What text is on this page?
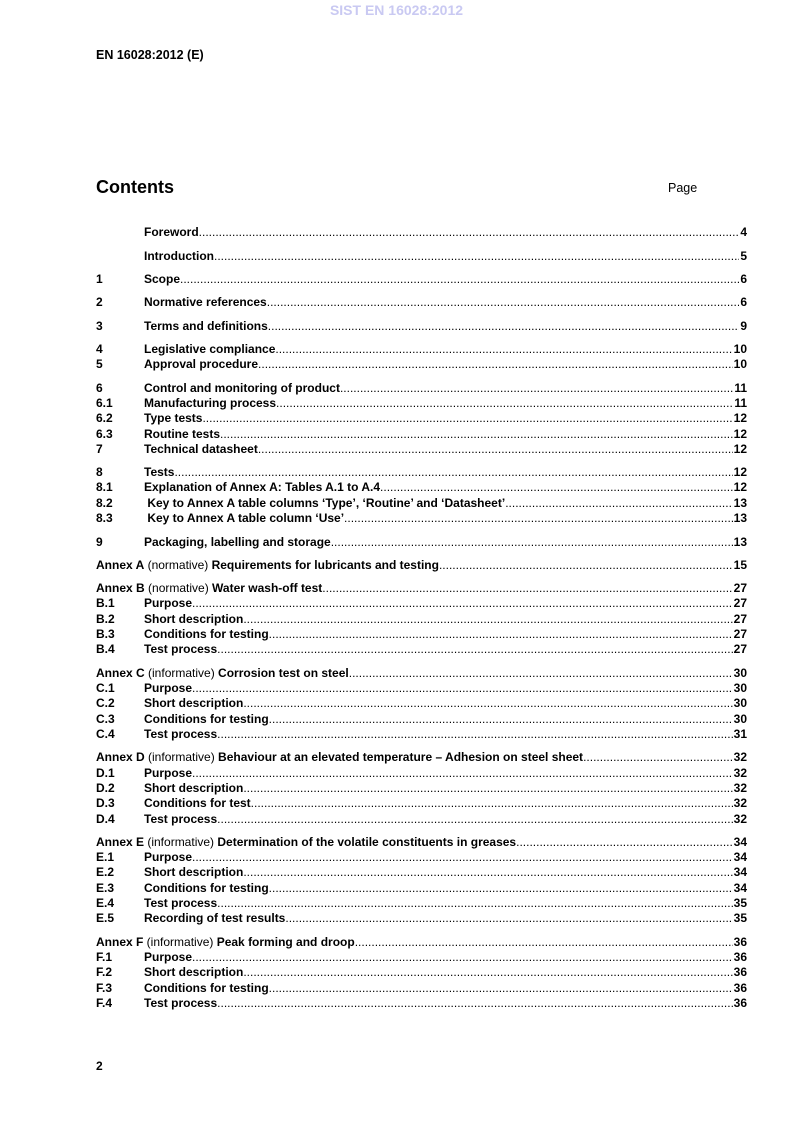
SIST EN 16028:2012
EN 16028:2012 (E)
Contents	Page
Foreword .....	4
Introduction .....	5
1	Scope .....	6
2	Normative references .....	6
3	Terms and definitions .....	9
4	Legislative compliance .....	10
5	Approval procedure .....	10
6	Control and monitoring of product .....	11
6.1	Manufacturing process .....	11
6.2	Type tests .....	12
6.3	Routine tests .....	12
7	Technical datasheet .....	12
8	Tests .....	12
8.1	Explanation of Annex A: Tables A.1 to A.4 .....	12
8.2	Key to Annex A table columns ‘Type’, ‘Routine’ and ‘Datasheet’ .....	13
8.3	Key to Annex A table column ‘Use’ .....	13
9	Packaging, labelling and storage .....	13
Annex A (normative) Requirements for lubricants and testing .....	15
Annex B (normative) Water wash-off test .....	27
B.1	Purpose .....	27
B.2	Short description .....	27
B.3	Conditions for testing .....	27
B.4	Test process .....	27
Annex C (informative) Corrosion test on steel .....	30
C.1	Purpose .....	30
C.2	Short description .....	30
C.3	Conditions for testing .....	30
C.4	Test process .....	31
Annex D (informative) Behaviour at an elevated temperature – Adhesion on steel sheet .....	32
D.1	Purpose .....	32
D.2	Short description .....	32
D.3	Conditions for test .....	32
D.4	Test process .....	32
Annex E (informative) Determination of the volatile constituents in greases .....	34
E.1	Purpose .....	34
E.2	Short description .....	34
E.3	Conditions for testing .....	34
E.4	Test process .....	35
E.5	Recording of test results .....	35
Annex F (informative) Peak forming and droop .....	36
F.1	Purpose .....	36
F.2	Short description .....	36
F.3	Conditions for testing .....	36
F.4	Test process .....	36
2
